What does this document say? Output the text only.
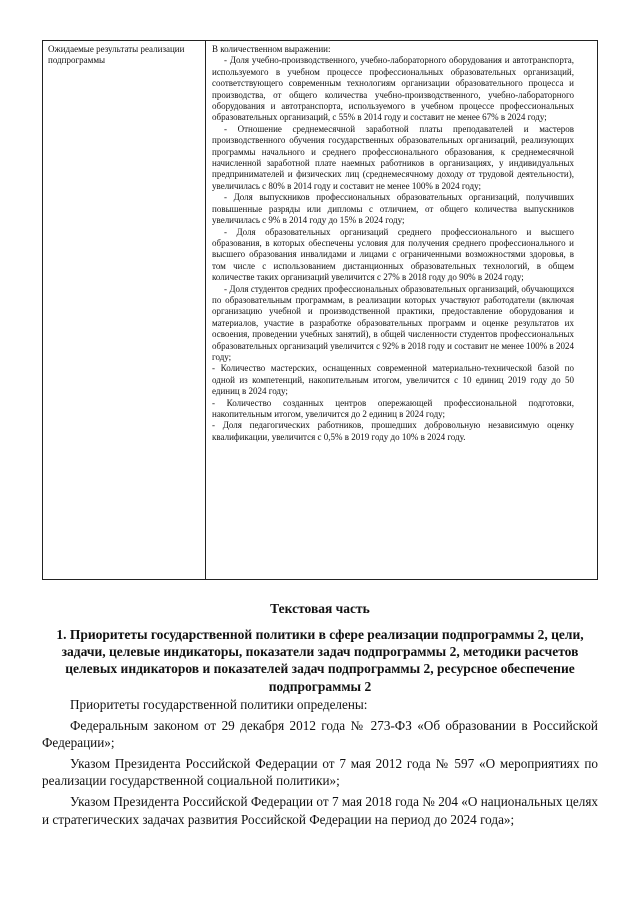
Ожидаемые результаты реализации подпрограммы

В количественном выражении:

- Доля учебно-производственного, учебно-лабораторного оборудования и автотранспорта, используемого в учебном процессе профессиональных образовательных организаций, соответствующего современным технологиям организации образовательного процесса и производства, от общего количества учебно-производственного, учебно-лабораторного оборудования и автотранспорта, используемого в учебном процессе профессиональных образовательных организаций, с 55% в 2014 году и составит не менее 67% в 2024 году;

- Отношение среднемесячной заработной платы преподавателей и мастеров производственного обучения государственных образовательных организаций, реализующих программы начального и среднего профессионального образования, к среднемесячной начисленной заработной плате наемных работников в организациях, у индивидуальных предпринимателей и физических лиц (среднемесячному доходу от трудовой деятельности), увеличилась с 80% в 2014 году и составит не менее 100% в 2024 году;

- Доля выпускников профессиональных образовательных организаций, получивших повышенные разряды или дипломы с отличием, от общего количества выпускников увеличилась с 9% в 2014 году до 15% в 2024 году;

- Доля образовательных организаций среднего профессионального и высшего образования, в которых обеспечены условия для получения среднего профессионального и высшего образования инвалидами и лицами с ограниченными возможностями здоровья, в том числе с использованием дистанционных образовательных технологий, в общем количестве таких организаций увеличится с 27% в 2018 году до 90% в 2024 году;

- Доля студентов средних профессиональных образовательных организаций, обучающихся по образовательным программам, в реализации которых участвуют работодатели (включая организацию учебной и производственной практики, предоставление оборудования и материалов, участие в разработке образовательных программ и оценке результатов их освоения, проведении учебных занятий), в общей численности студентов профессиональных образовательных организаций увеличится с 92% в 2018 году и составит не менее 100% в 2024 году;

- Количество мастерских, оснащенных современной материально-технической базой по одной из компетенций, накопительным итогом, увеличится с 10 единиц 2019 году до 50 единиц в 2024 году;

- Количество созданных центров опережающей профессиональной подготовки, накопительным итогом, увеличится до 2 единиц в 2024 году;

- Доля педагогических работников, прошедших добровольную независимую оценку квалификации, увеличится с 0,5% в 2019 году до 10% в 2024 году.

Текстовая часть
1. Приоритеты государственной политики в сфере реализации подпрограммы 2, цели, задачи, целевые индикаторы, показатели задач подпрограммы 2, методики расчетов целевых индикаторов и показателей задач подпрограммы 2, ресурсное обеспечение подпрограммы 2

Приоритеты государственной политики определены:

Федеральным законом от 29 декабря 2012 года № 273-ФЗ «Об образовании в Российской Федерации»;

Указом Президента Российской Федерации от 7 мая 2012 года № 597 «О мероприятиях по реализации государственной социальной политики»;

Указом Президента Российской Федерации от 7 мая 2018 года № 204 «О национальных целях и стратегических задачах развития Российской Федерации на период до 2024 года»;
